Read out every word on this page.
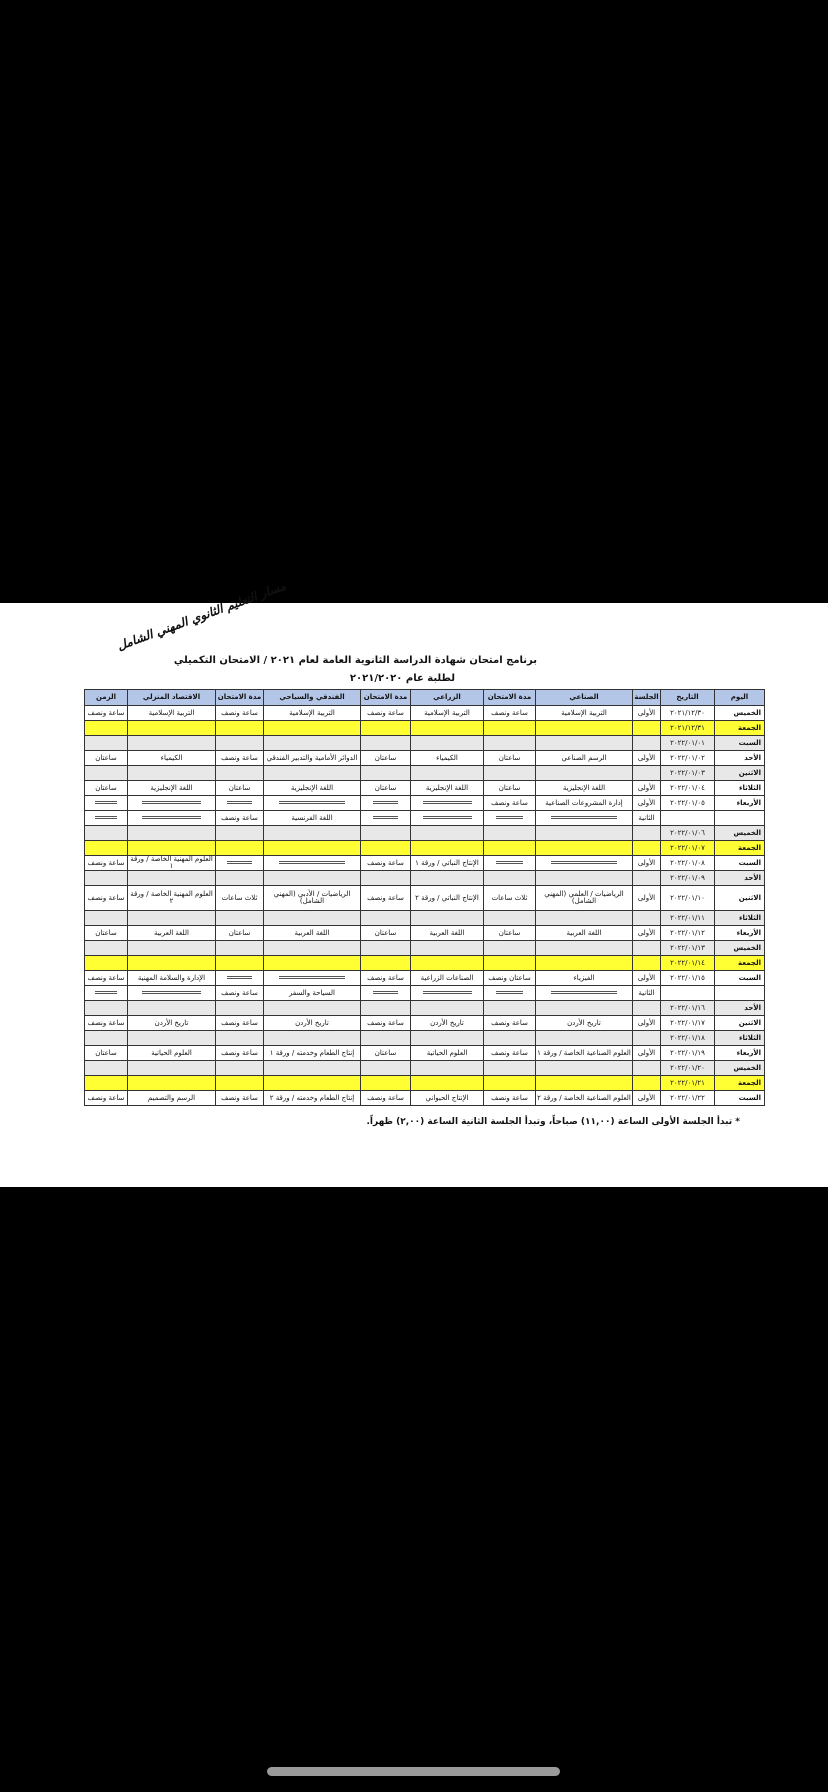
مسار التعليم الثانوي المهني الشامل
برنامج امتحان شهادة الدراسة الثانوية العامة لعام ٢٠٢١ / الامتحان التكميلي
لطلبة عام ٢٠٢١/٢٠٢٠
اليوم	التاريخ	الجلسة	الصناعي	مدة الامتحان	الزراعي	مدة الامتحان	الفندقي والسياحي	مدة الامتحان	الاقتصاد المنزلي	الزمن
الخميس	٢٠٢١/١٢/٣٠	الأولى	التربية الإسلامية	ساعة ونصف	التربية الإسلامية	ساعة ونصف	التربية الإسلامية	ساعة ونصف	التربية الإسلامية	ساعة ونصف
الجمعة	٢٠٢١/١٢/٣١									
السبت	٢٠٢٢/٠١/٠١									
الأحد	٢٠٢٢/٠١/٠٢	الأولى	الرسم الصناعي	ساعتان	الكيمياء	ساعتان	الدوائر الأمامية والتدبير الفندقي	ساعة ونصف	الكيمياء	ساعتان
الاثنين	٢٠٢٢/٠١/٠٣									
الثلاثاء	٢٠٢٢/٠١/٠٤	الأولى	اللغة الإنجليزية	ساعتان	اللغة الإنجليزية	ساعتان	اللغة الإنجليزية	ساعتان	اللغة الإنجليزية	ساعتان
الأربعاء	٢٠٢٢/٠١/٠٥	الأولى	إدارة المشروعات الصناعية	ساعة ونصف						
		الثانية					اللغة الفرنسية	ساعة ونصف		
الخميس	٢٠٢٢/٠١/٠٦									
الجمعة	٢٠٢٢/٠١/٠٧									
السبت	٢٠٢٢/٠١/٠٨	الأولى			الإنتاج النباتي / ورقة ١	ساعة ونصف			العلوم المهنية الخاصة / ورقة ١	ساعة ونصف
الأحد	٢٠٢٢/٠١/٠٩									
الاثنين	٢٠٢٢/٠١/١٠	الأولى	الرياضيات / العلمي (المهني الشامل)	ثلاث ساعات	الإنتاج النباتي / ورقة ٢	ساعة ونصف	الرياضيات / الأدبي (المهني الشامل)	ثلاث ساعات	العلوم المهنية الخاصة / ورقة ٢	ساعة ونصف
الثلاثاء	٢٠٢٢/٠١/١١									
الأربعاء	٢٠٢٢/٠١/١٢	الأولى	اللغة العربية	ساعتان	اللغة العربية	ساعتان	اللغة العربية	ساعتان	اللغة العربية	ساعتان
الخميس	٢٠٢٢/٠١/١٣									
الجمعة	٢٠٢٢/٠١/١٤									
السبت	٢٠٢٢/٠١/١٥	الأولى	الفيزياء	ساعتان ونصف	الصناعات الزراعية	ساعة ونصف			الإدارة والسلامة المهنية	ساعة ونصف
		الثانية					السياحة والسفر	ساعة ونصف		
الأحد	٢٠٢٢/٠١/١٦									
الاثنين	٢٠٢٢/٠١/١٧	الأولى	تاريخ الأردن	ساعة ونصف	تاريخ الأردن	ساعة ونصف	تاريخ الأردن	ساعة ونصف	تاريخ الأردن	ساعة ونصف
الثلاثاء	٢٠٢٢/٠١/١٨									
الأربعاء	٢٠٢٢/٠١/١٩	الأولى	العلوم الصناعية الخاصة / ورقة ١	ساعة ونصف	العلوم الحياتية	ساعتان	إنتاج الطعام وخدمته / ورقة ١	ساعة ونصف	العلوم الحياتية	ساعتان
الخميس	٢٠٢٢/٠١/٢٠									
الجمعة	٢٠٢٢/٠١/٢١									
السبت	٢٠٢٢/٠١/٢٢	الأولى	العلوم الصناعية الخاصة / ورقة ٢	ساعة ونصف	الإنتاج الحيواني	ساعة ونصف	إنتاج الطعام وخدمته / ورقة ٢	ساعة ونصف	الرسم والتصميم	ساعة ونصف
* تبدأ الجلسة الأولى الساعة (١١,٠٠) صباحاً، وتبدأ الجلسة الثانية الساعة (٢,٠٠) ظهراً.
